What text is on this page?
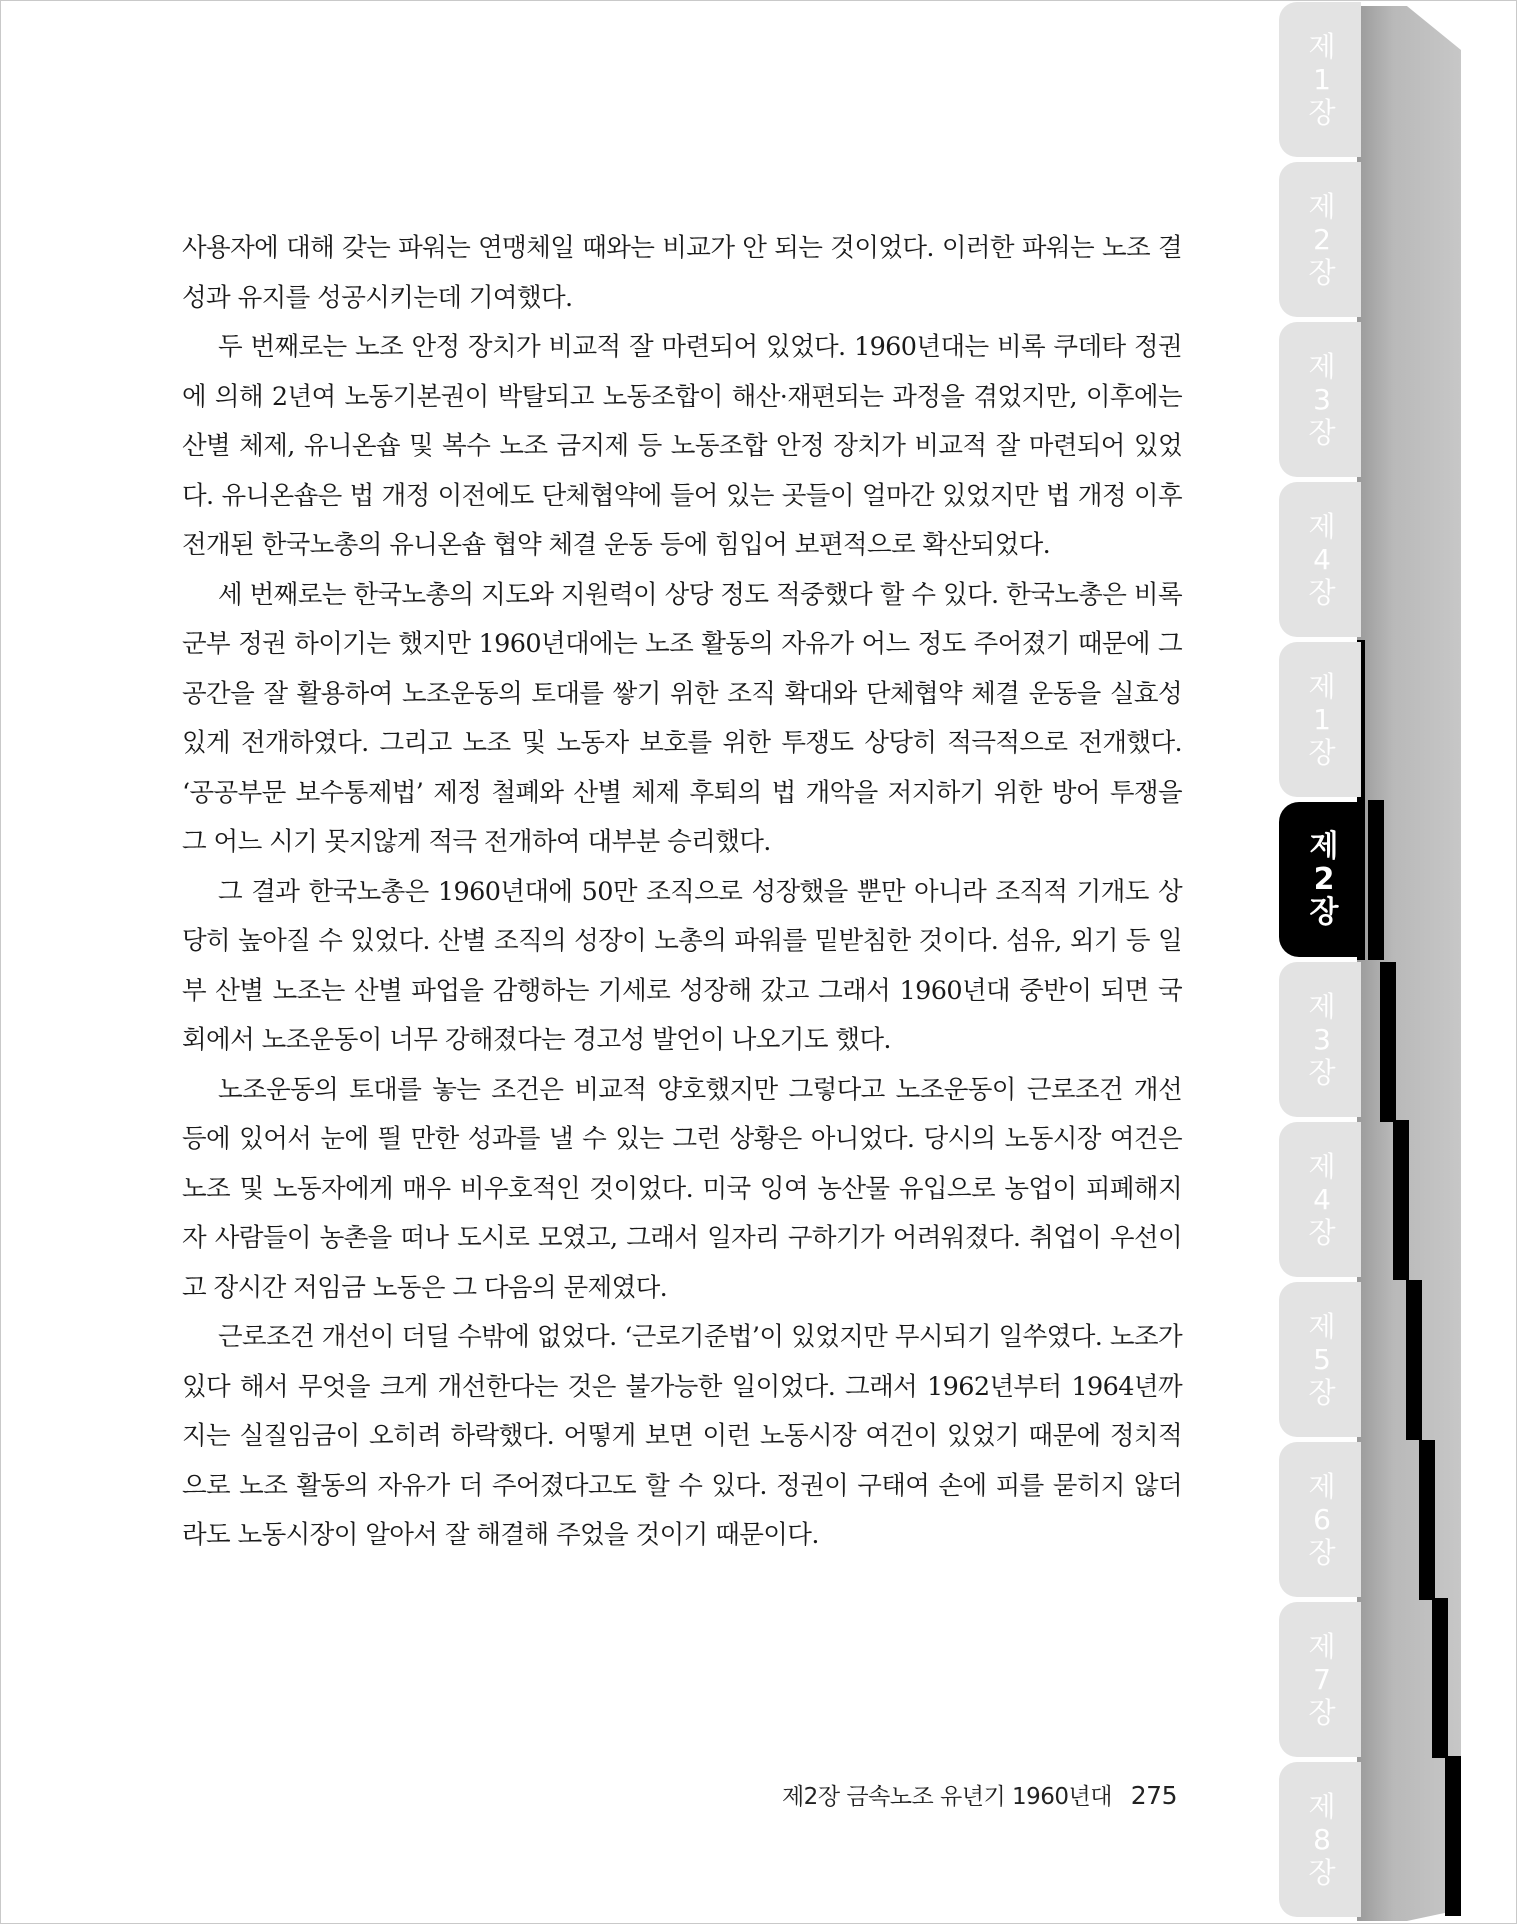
사용자에 대해 갖는 파워는 연맹체일 때와는 비교가 안 되는 것이었다. 이러한 파워는 노조 결성과 유지를 성공시키는데 기여했다.

두 번째로는 노조 안정 장치가 비교적 잘 마련되어 있었다. 1960년대는 비록 쿠데타 정권에 의해 2년여 노동기본권이 박탈되고 노동조합이 해산·재편되는 과정을 겪었지만, 이후에는 산별 체제, 유니온숍 및 복수 노조 금지제 등 노동조합 안정 장치가 비교적 잘 마련되어 있었다. 유니온숍은 법 개정 이전에도 단체협약에 들어 있는 곳들이 얼마간 있었지만 법 개정 이후 전개된 한국노총의 유니온숍 협약 체결 운동 등에 힘입어 보편적으로 확산되었다.

세 번째로는 한국노총의 지도와 지원력이 상당 정도 적중했다 할 수 있다. 한국노총은 비록 군부 정권 하이기는 했지만 1960년대에는 노조 활동의 자유가 어느 정도 주어졌기 때문에 그 공간을 잘 활용하여 노조운동의 토대를 쌓기 위한 조직 확대와 단체협약 체결 운동을 실효성 있게 전개하였다. 그리고 노조 및 노동자 보호를 위한 투쟁도 상당히 적극적으로 전개했다. ‘공공부문 보수통제법’ 제정 철폐와 산별 체제 후퇴의 법 개악을 저지하기 위한 방어 투쟁을 그 어느 시기 못지않게 적극 전개하여 대부분 승리했다.

그 결과 한국노총은 1960년대에 50만 조직으로 성장했을 뿐만 아니라 조직적 기개도 상당히 높아질 수 있었다. 산별 조직의 성장이 노총의 파워를 밑받침한 것이다. 섬유, 외기 등 일부 산별 노조는 산별 파업을 감행하는 기세로 성장해 갔고 그래서 1960년대 중반이 되면 국회에서 노조운동이 너무 강해졌다는 경고성 발언이 나오기도 했다.

노조운동의 토대를 놓는 조건은 비교적 양호했지만 그렇다고 노조운동이 근로조건 개선 등에 있어서 눈에 띌 만한 성과를 낼 수 있는 그런 상황은 아니었다. 당시의 노동시장 여건은 노조 및 노동자에게 매우 비우호적인 것이었다. 미국 잉여 농산물 유입으로 농업이 피폐해지자 사람들이 농촌을 떠나 도시로 모였고, 그래서 일자리 구하기가 어려워졌다. 취업이 우선이고 장시간 저임금 노동은 그 다음의 문제였다.

근로조건 개선이 더딜 수밖에 없었다. ‘근로기준법’이 있었지만 무시되기 일쑤였다. 노조가 있다 해서 무엇을 크게 개선한다는 것은 불가능한 일이었다. 그래서 1962년부터 1964년까지는 실질임금이 오히려 하락했다. 어떻게 보면 이런 노동시장 여건이 있었기 때문에 정치적으로 노조 활동의 자유가 더 주어졌다고도 할 수 있다. 정권이 구태여 손에 피를 묻히지 않더라도 노동시장이 알아서 잘 해결해 주었을 것이기 때문이다.

제2장 금속노조 유년기 1960년대 275
제
1
장
제
2
장
제
3
장
제
4
장
제
1
장
제
2
장
제
3
장
제
4
장
제
5
장
제
6
장
제
7
장
제
8
장
